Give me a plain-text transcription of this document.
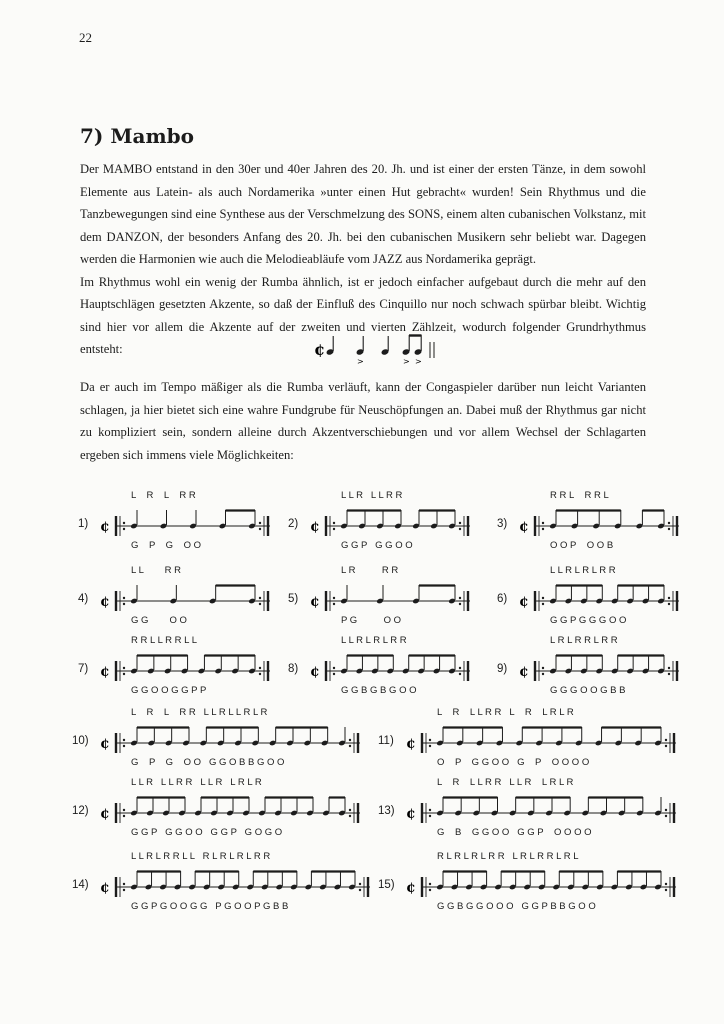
22
7) Mambo
Der MAMBO entstand in den 30er und 40er Jahren des 20. Jh. und ist einer der ersten Tänze, in dem sowohl Elemente aus Latein- als auch Nordamerika »unter einen Hut gebracht« wurden! Sein Rhythmus und die Tanzbewegungen sind eine Synthese aus der Verschmelzung des SONS, einem alten cubanischen Volkstanz, mit dem DANZON, der besonders Anfang des 20. Jh. bei den cubanischen Musikern sehr beliebt war. Dagegen werden die Harmonien wie auch die Melodieabläufe vom JAZZ aus Nordamerika geprägt.
Im Rhythmus wohl ein wenig der Rumba ähnlich, ist er jedoch einfacher aufgebaut durch die mehr auf den Hauptschlägen gesetzten Akzente, so daß der Einfluß des Cinquillo nur noch schwach spürbar bleibt. Wichtig sind hier vor allem die Akzente auf der zweiten und vierten Zählzeit, wodurch folgender Grundrhythmus entsteht:	¢
>	> >
Da er auch im Tempo mäßiger als die Rumba verläuft, kann der Congaspieler darüber nun leicht Varianten schlagen, ja hier bietet sich eine wahre Fundgrube für Neuschöpfungen an. Dabei muß der Rhythmus gar nicht zu kompliziert sein, sondern alleine durch Akzentverschiebungen und vor allem Wechsel der Schlagarten ergeben sich immens viele Möglichkeiten:
1) ¢
L    R    L    R R
G    P    G    O O
2) ¢
L L R   L L R R
G G P   G G O O
3) ¢
R R L    R R L
O O P    O O B
4) ¢
L L        R R
G G        O O
5) ¢
L R          R R
P G          O O
6) ¢
L L R L R L R R
G G P G G G O O
7) ¢
R R L L R R L L
G G O O G G P P
8) ¢
L L R L R L R R
G G B G B G O O
9) ¢
L R L R R L R R
G G G O O G B B
10) ¢
L    R    L    R R   L L R L L R L R
G    P    G    O O   G G O B B G O O
11) ¢
L    R    L L R R   L    R    L R L R
O    P    G G O O   G    P    O O O O
12) ¢
L L R   L L R R   L L R   L R L R
G G P   G G O O   G G P   G O G O
13) ¢
L    R    L L R R   L L R    L R L R
G    B    G G O O   G G P    O O O O
14) ¢
L L R L R R L L   R L R L R L R R
G G P G O O G G   P G O O P G B B
15) ¢
R L R L R L R R   L R L R R L R L
G G B G G O O O   G G P B B G O O
